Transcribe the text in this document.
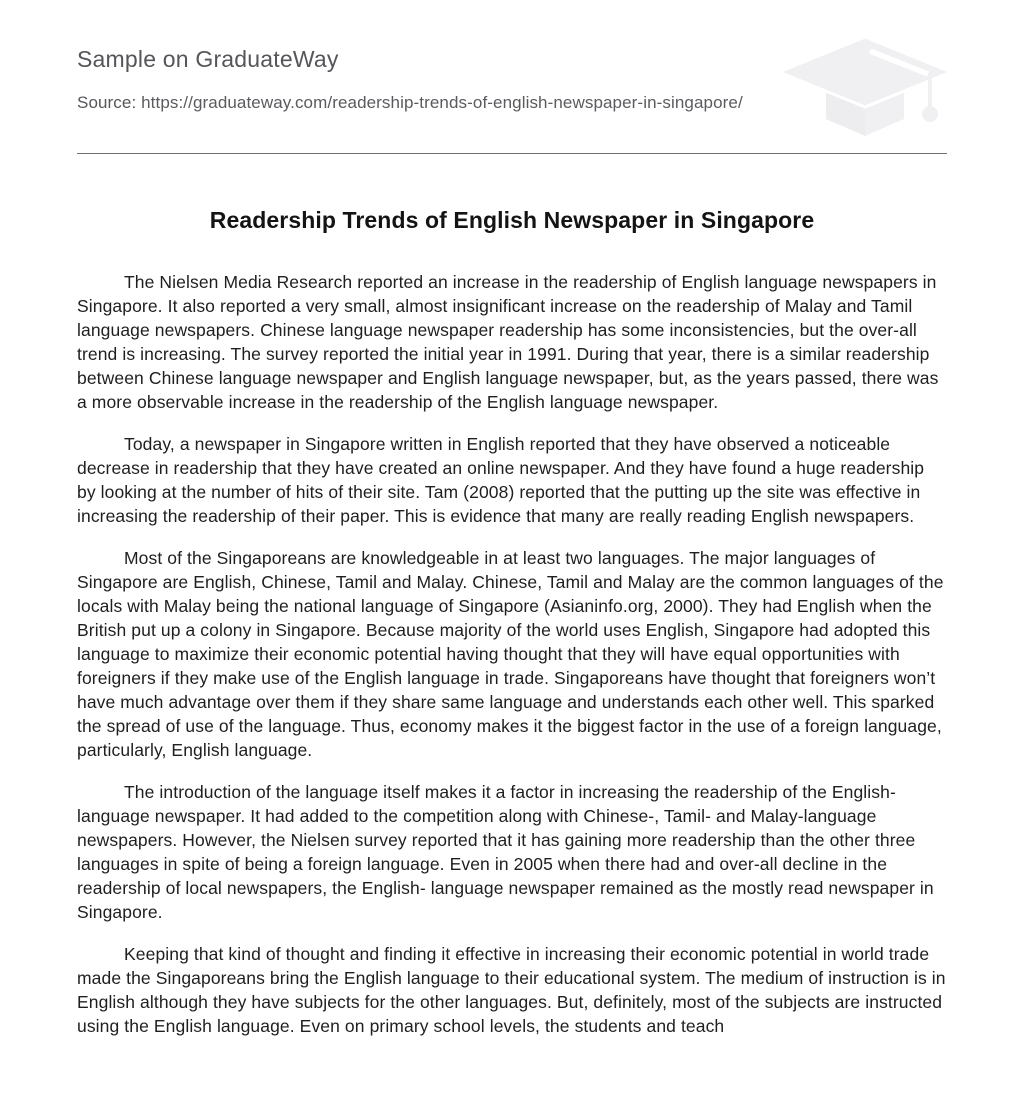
Sample on GraduateWay

Source: https://graduateway.com/readership-trends-of-english-newspaper-in-singapore/

Readership Trends of English Newspaper in Singapore

The Nielsen Media Research reported an increase in the readership of English language newspapers in Singapore. It also reported a very small, almost insignificant increase on the readership of Malay and Tamil language newspapers. Chinese language newspaper readership has some inconsistencies, but the over-all trend is increasing. The survey reported the initial year in 1991. During that year, there is a similar readership between Chinese language newspaper and English language newspaper, but, as the years passed, there was a more observable increase in the readership of the English language newspaper.

Today, a newspaper in Singapore written in English reported that they have observed a noticeable decrease in readership that they have created an online newspaper. And they have found a huge readership by looking at the number of hits of their site. Tam (2008) reported that the putting up the site was effective in increasing the readership of their paper. This is evidence that many are really reading English newspapers.

Most of the Singaporeans are knowledgeable in at least two languages. The major languages of Singapore are English, Chinese, Tamil and Malay. Chinese, Tamil and Malay are the common languages of the locals with Malay being the national language of Singapore (Asianinfo.org, 2000). They had English when the British put up a colony in Singapore. Because majority of the world uses English, Singapore had adopted this language to maximize their economic potential having thought that they will have equal opportunities with foreigners if they make use of the English language in trade. Singaporeans have thought that foreigners won’t have much advantage over them if they share same language and understands each other well. This sparked the spread of use of the language. Thus, economy makes it the biggest factor in the use of a foreign language, particularly, English language.

The introduction of the language itself makes it a factor in increasing the readership of the English-language newspaper. It had added to the competition along with Chinese-, Tamil- and Malay-language newspapers. However, the Nielsen survey reported that it has gaining more readership than the other three languages in spite of being a foreign language. Even in 2005 when there had and over-all decline in the readership of local newspapers, the English- language newspaper remained as the mostly read newspaper in Singapore.

Keeping that kind of thought and finding it effective in increasing their economic potential in world trade made the Singaporeans bring the English language to their educational system. The medium of instruction is in English although they have subjects for the other languages. But, definitely, most of the subjects are instructed using the English language. Even on primary school levels, the students and teach
